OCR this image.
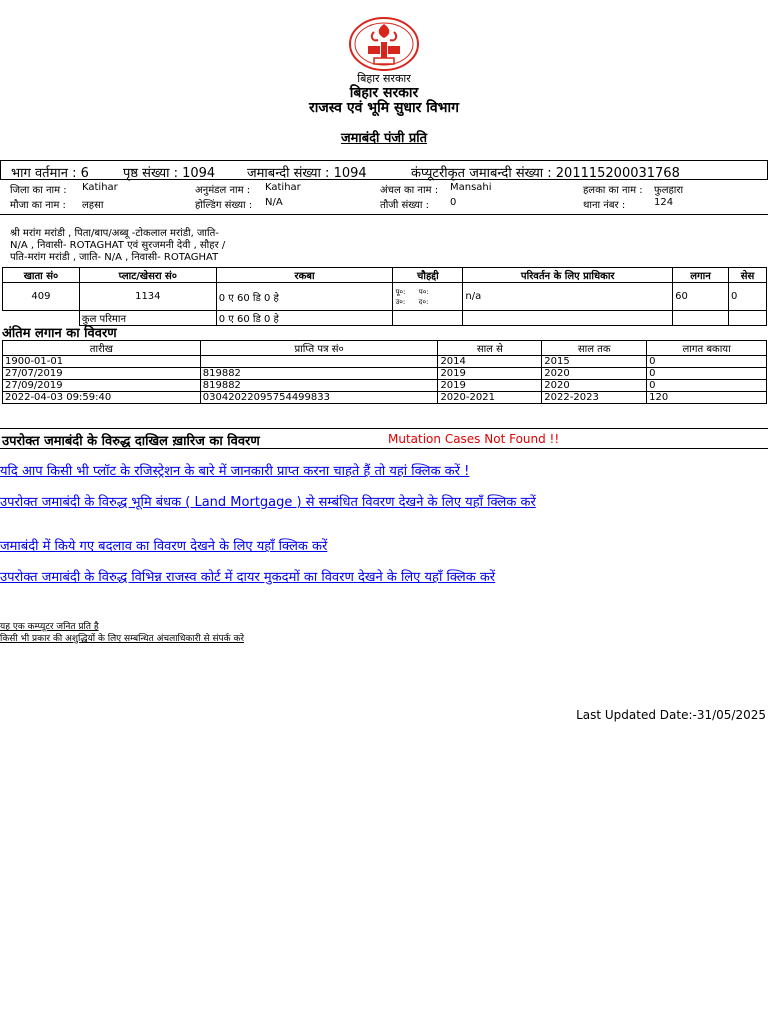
बिहार सरकार
बिहार सरकार
राजस्व एवं भूमि सुधार विभाग
जमाबंदी पंजी प्रति
भाग वर्तमान : 6	पृष्ठ संख्या : 1094 जमाबन्दी संख्या : 1094	कंप्यूटरीकृत जमाबन्दी संख्या : 201115200031768
जिला का नाम : Katihar	अनुमंडल नाम : Katihar	अंचल का नाम : Mansahi	हलका का नाम : फुलहारा
मौजा का नाम : लहसा	होल्डिंग संख्या : N/A	तौजी संख्या : 0	थाना नंबर :	124
श्री मरांग मरांडी , पिता/बाप/अब्बू -टोकलाल मरांडी, जाति-
N/A , निवासी- ROTAGHAT एवं सुरजमनी देवी , सौहर /
पति-मरांग मरांडी , जाति- N/A , निवासी- ROTAGHAT
खाता सं०	प्लाट/खेसरा सं०	रकबा	चौहद्दी	परिवर्तन के लिए प्राधिकार	लगान	सेस
409	1134	0 ए 60 डि 0 हे	पू०: प०:
उ०: द०:	n/a	60	0
	कुल परिमान	0 ए 60 डि 0 हे				
अंतिम लगान का विवरण
तारीख	प्राप्ति पत्र सं०	साल से	साल तक	लागत बकाया
1900-01-01		2014	2015	0
27/07/2019	819882	2019	2020	0
27/09/2019	819882	2019	2020	0
2022-04-03 09:59:40	03042022095754499833	2020-2021	2022-2023	120
उपरोक्त जमाबंदी के विरुद्ध दाखिल ख़ारिज का विवरण	Mutation Cases Not Found !!
यदि आप किसी भी प्लॉट के रजिस्ट्रेशन के बारे में जानकारी प्राप्त करना चाहते हैं तो यहां क्लिक करें !
उपरोक्त जमाबंदी के विरुद्ध भूमि बंधक ( Land Mortgage ) से सम्बंधित विवरण देखने के लिए यहाँ क्लिक करें
जमाबंदी में किये गए बदलाव का विवरण देखने के लिए यहाँ क्लिक करें
उपरोक्त जमाबंदी के विरुद्ध विभिन्न राजस्व कोर्ट में दायर मुकदमों का विवरण देखने के लिए यहाँ क्लिक करें
यह एक कम्प्यूटर जनित प्रति है
किसी भी प्रकार की अशुद्धियों के लिए सम्बन्धित अंचलाधिकारी से संपर्क करे
Last Updated Date:-31/05/2025
